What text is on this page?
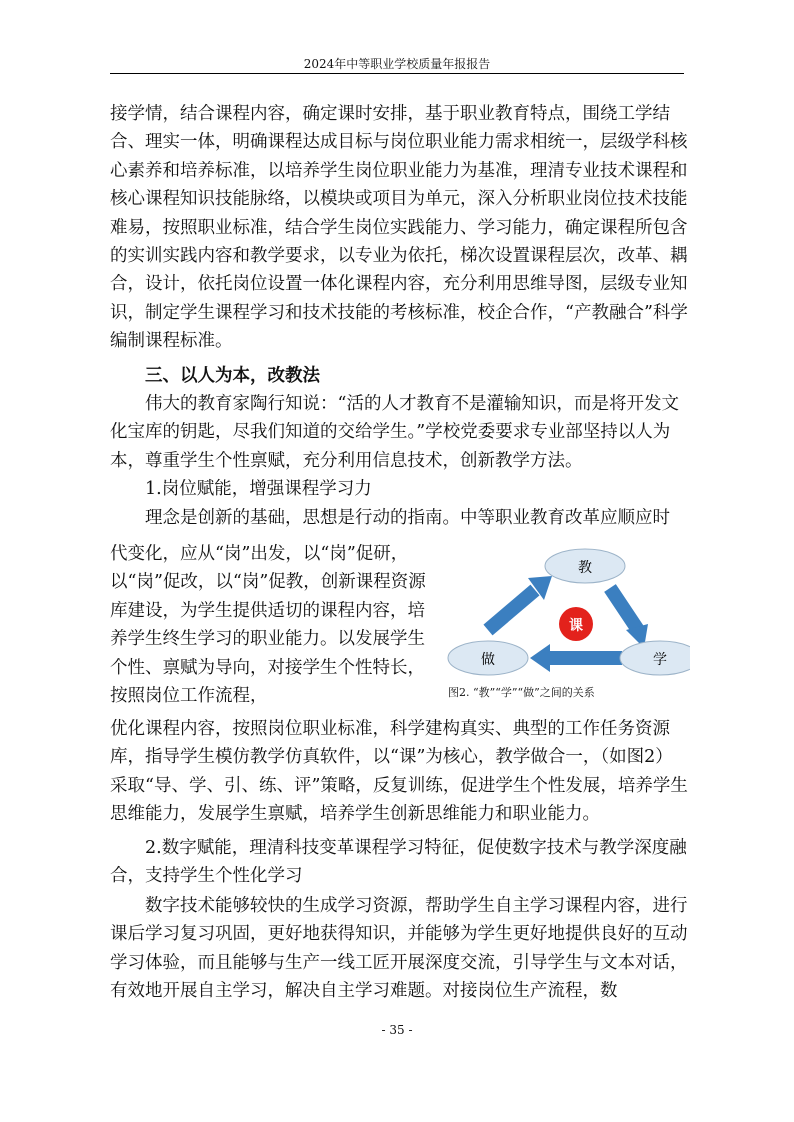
2024年中等职业学校质量年报报告

接学情，结合课程内容，确定课时安排，基于职业教育特点，围绕工学结合、理实一体，明确课程达成目标与岗位职业能力需求相统一，层级学科核心素养和培养标准，以培养学生岗位职业能力为基准，理清专业技术课程和核心课程知识技能脉络，以模块或项目为单元，深入分析职业岗位技术技能难易，按照职业标准，结合学生岗位实践能力、学习能力，确定课程所包含的实训实践内容和教学要求，以专业为依托，梯次设置课程层次，改革、耦合，设计，依托岗位设置一体化课程内容，充分利用思维导图，层级专业知识，制定学生课程学习和技术技能的考核标准，校企合作，“产教融合”科学编制课程标准。

三、以人为本，改教法

伟大的教育家陶行知说：“活的人才教育不是灌输知识，而是将开发文化宝库的钥匙，尽我们知道的交给学生。”学校党委要求专业部坚持以人为本，尊重学生个性禀赋，充分利用信息技术，创新教学方法。

1.岗位赋能，增强课程学习力

理念是创新的基础，思想是行动的指南。中等职业教育改革应顺应时

代变化，应从“岗”出发，以“岗”促研，以“岗”促改，以“岗”促教，创新课程资源库建设，为学生提供适切的课程内容，培养学生终生学习的职业能力。以发展学生个性、禀赋为导向，对接学生个性特长，按照岗位工作流程，

优化课程内容，按照岗位职业标准，科学建构真实、典型的工作任务资源库，指导学生模仿教学仿真软件，以“课”为核心，教学做合一，（如图2）采取“导、学、引、练、评”策略，反复训练，促进学生个性发展，培养学生思维能力，发展学生禀赋，培养学生创新思维能力和职业能力。

2.数字赋能，理清科技变革课程学习特征，促使数字技术与教学深度融合，支持学生个性化学习

数字技术能够较快的生成学习资源，帮助学生自主学习课程内容，进行课后学习复习巩固，更好地获得知识，并能够为学生更好地提供良好的互动学习体验，而且能够与生产一线工匠开展深度交流，引导学生与文本对话，有效地开展自主学习，解决自主学习难题。对接岗位生产流程，数

教
做	学
课
图2. “教”“学”“做”之间的关系
- 35 -
